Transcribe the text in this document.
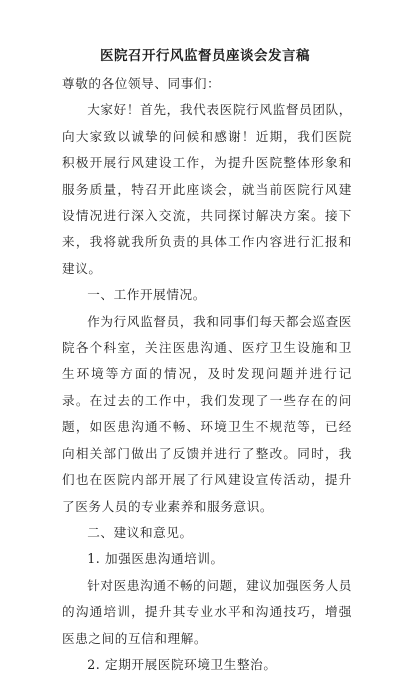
医院召开行风监督员座谈会发言稿

尊敬的各位领导、同事们：

大家好！首先，我代表医院行风监督员团队，向大家致以诚挚的问候和感谢！近期，我们医院积极开展行风建设工作，为提升医院整体形象和服务质量，特召开此座谈会，就当前医院行风建设情况进行深入交流，共同探讨解决方案。接下来，我将就我所负责的具体工作内容进行汇报和建议。

一、工作开展情况。

作为行风监督员，我和同事们每天都会巡查医院各个科室，关注医患沟通、医疗卫生设施和卫生环境等方面的情况，及时发现问题并进行记录。在过去的工作中，我们发现了一些存在的问题，如医患沟通不畅、环境卫生不规范等，已经向相关部门做出了反馈并进行了整改。同时，我们也在医院内部开展了行风建设宣传活动，提升了医务人员的专业素养和服务意识。

二、建议和意见。

1. 加强医患沟通培训。

针对医患沟通不畅的问题，建议加强医务人员的沟通培训，提升其专业水平和沟通技巧，增强医患之间的互信和理解。

2. 定期开展医院环境卫生整治。
